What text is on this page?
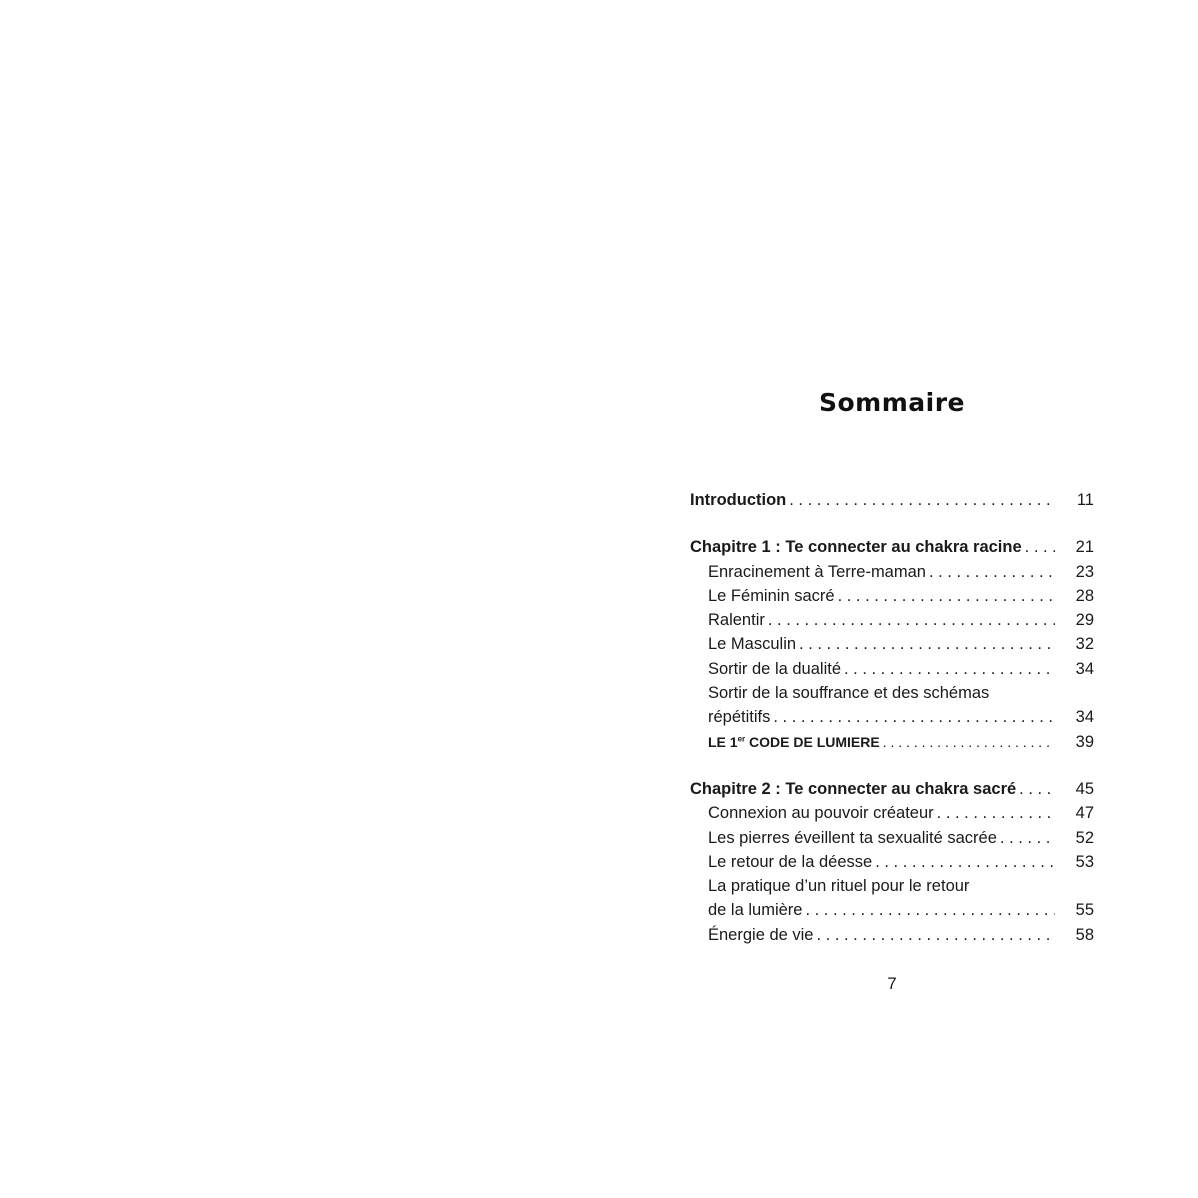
Sommaire
Introduction . . .	11
Chapitre 1 : Te connecter au chakra racine . . .	21
Enracinement à Terre-maman . . .	23
Le Féminin sacré . . .	28
Ralentir . . .	29
Le Masculin . . .	32
Sortir de la dualité . . .	34
Sortir de la souffrance et des schémas
répétitifs . . .	34
LE 1er CODE DE LUMIERE . . .	39
Chapitre 2 : Te connecter au chakra sacré . . .	45
Connexion au pouvoir créateur . . .	47
Les pierres éveillent ta sexualité sacrée . . .	52
Le retour de la déesse . . .	53
La pratique d’un rituel pour le retour
de la lumière . . .	55
Énergie de vie . . .	58
7
